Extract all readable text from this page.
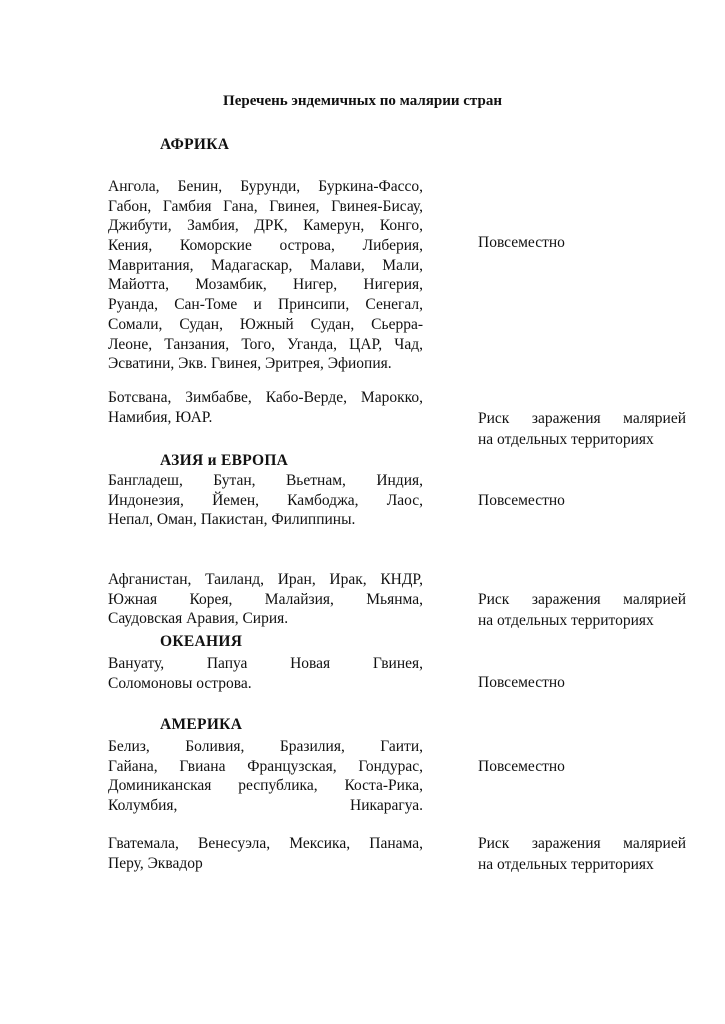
Перечень эндемичных по малярии стран
АФРИКА
Ангола, Бенин, Бурунди, Буркина-Фассо,
Габон, Гамбия Гана, Гвинея, Гвинея-Бисау,
Джибути, Замбия, ДРК, Камерун, Конго,
Кения, Коморские острова, Либерия,
Мавритания, Мадагаскар, Малави, Мали,
Майотта, Мозамбик, Нигер, Нигерия,
Руанда, Сан-Томе и Принсипи, Сенегал,
Сомали, Судан, Южный Судан, Сьерра-
Леоне, Танзания, Того, Уганда, ЦАР, Чад,
Эсватини, Экв. Гвинея, Эритрея, Эфиопия.
Повсеместно
Ботсвана, Зимбабве, Кабо-Верде, Марокко,
Намибия, ЮАР.	Риск заражения малярией
на отдельных территориях
АЗИЯ и ЕВРОПА
Бангладеш, Бутан, Вьетнам, Индия,
Индонезия, Йемен, Камбоджа, Лаос,
Непал, Оман, Пакистан, Филиппины.
Повсеместно
Афганистан, Таиланд, Иран, Ирак, КНДР,
Южная Корея, Малайзия, Мьянма,
Саудовская Аравия, Сирия.
Риск заражения малярией
на отдельных территориях
ОКЕАНИЯ
Вануату, Папуа Новая Гвинея,
Соломоновы острова.	Повсеместно
АМЕРИКА
Белиз, Боливия, Бразилия, Гаити,
Гайана, Гвиана Французская, Гондурас,
Доминиканская республика, Коста-Рика,
Колумбия, Никарагуа.
Повсеместно
Гватемала, Венесуэла, Мексика, Панама,
Перу, Эквадор
Риск заражения малярией
на отдельных территориях
